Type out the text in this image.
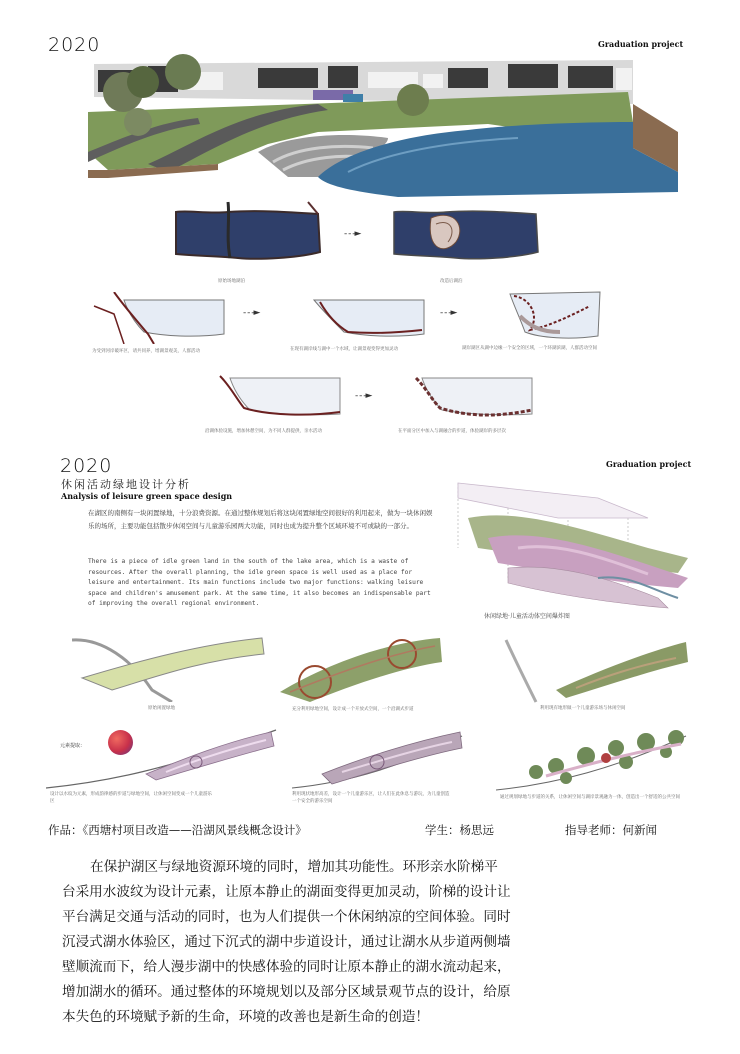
2020	Graduation project
- - -►
原始场地湖泊	改造后湖泊
- - -►	- - -►
为受到河岸破坏区，请共同养，增湖景观美，人群活动	在现有湖岸线与湖中一个水域，让湖景观变得更加灵动	湖岸湖区从湖中边缘一个安全的区域，一个环湖滨湖，人群活动空间
- - -►
沿湖体验设施，增加休憩空间，为不同人群提供，亲水活动	在平面分区中加入与湖融合的步道，体验湖岸的多层次
2020	Graduation project
休闲活动绿地设计分析
Analysis of leisure green space design
在湖区的南侧有一块闲置绿地，十分浪费资源。在通过整体规划后将这块闲置绿地空间很好的利用起来，做为一块休闲娱乐的场所，主要功能包括散步休闲空间与儿童游乐园两大功能，同时也成为提升整个区域环境不可或缺的一部分。
There is a piece of idle green land in the south of the lake area, which is a waste of resources. After the overall planning, the idle green space is well used as a place for leisure and entertainment. Its main functions include two major functions: walking leisure space and children's amusement park. At the same time, it also becomes an indispensable part of improving the overall regional environment.
休闲绿地·儿童活动体空间爆炸图
原始闲置绿地	充分利用绿地空间，设计成一个开放式空间，一个沿湖式步道	利用现有地形做一个儿童游乐场与休闲空间
元素提取：
设计以水纹为元素，形成韵律感的步道与绿地空间，让休闲空间变成一个儿童游乐区
利用现状地形高差，设计一个儿童游乐区，让人们在此休息与游玩，为儿童创造一个安全的游乐空间
通过规划绿地与步道的关系，让休闲空间与湖岸景观融为一体，创造出一个舒适的公共空间
作品：《西塘村项目改造——沿湖风景线概念设计》	学生：杨思远	指导老师：何新闻

在保护湖区与绿地资源环境的同时，增加其功能性。环形亲水阶梯平

台采用水波纹为设计元素，让原本静止的湖面变得更加灵动，阶梯的设计让

平台满足交通与活动的同时，也为人们提供一个休闲纳凉的空间体验。同时

沉浸式湖水体验区，通过下沉式的湖中步道设计，通过让湖水从步道两侧墙

壁顺流而下，给人漫步湖中的快感体验的同时让原本静止的湖水流动起来，

增加湖水的循环。通过整体的环境规划以及部分区域景观节点的设计，给原

本失色的环境赋予新的生命，环境的改善也是新生命的创造！
